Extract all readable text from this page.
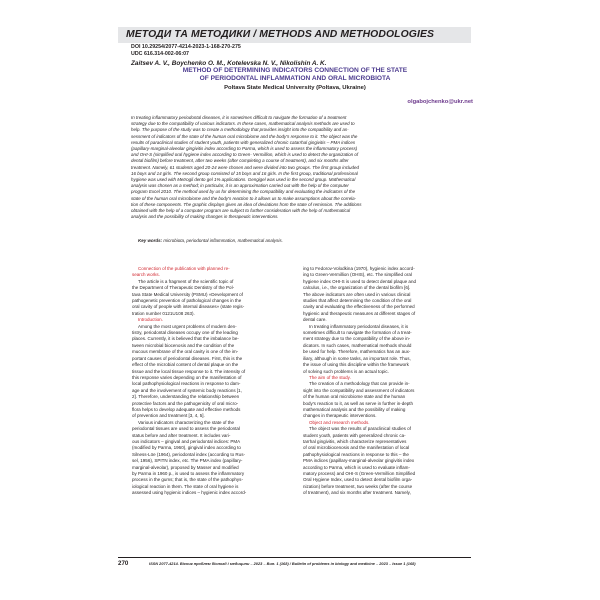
МЕТОДИ ТА МЕТОДИКИ / METHODS AND METHODOLOGIES
DOI 10.29254/2077-4214-2023-1-168-270-275
UDC 616.314-002-06:07
Zaitsev A. V., Boychenko O. M., Kotelevska N. V., Nikolishin A. K.
METHOD OF DETERMINING INDICATORS CONNECTION OF THE STATE
OF PERIODONTAL INFLAMMATION AND ORAL MICROBIOTA
Poltava State Medical University (Poltava, Ukraine)
olgabojchenko@ukr.net
In treating inflammatory periodontal diseases, it is sometimes difficult to navigate the formation of a treatment
strategy due to the compatibility of various indicators. In these cases, mathematical analysis methods are used to
help. The purpose of the study was to create a methodology that provides insight into the compatibility and as-
sessment of indicators of the state of the human oral microbiome and the body's response to it. The object was the
results of paraclinical studies of student youth, patients with generalized chronic catarrhal gingivitis – PMA indices
(papillary-marginal-alveolar gingivitis index according to Parma, which is used to assess the inflammatory process)
and OHI-S (simplified oral hygiene index according to Green- Vermillion, which is used to detect the organization of
dental biofilm) before treatment, after two weeks (after completing a course of treatment), and six months after
treatment. Namely, 61 students aged 20-24 were chosen and were divided into two groups. The first group included
16 boys and 14 girls. The second group consisted of 15 boys and 16 girls. In the first group, traditional professional
hygiene was used with Metrogil dento gel 1% applications. Gengigel was used in the second group. Mathematical
analysis was chosen as a method; in particular, it is an approximation carried out with the help of the computer
program Excel 2010. The method used by us for determining the compatibility and evaluating the indicators of the
state of the human oral microbiome and the body's reaction to it allows us to make assumptions about the correla-
tion of these components. The graphic displays gives an idea of deviations from the state of remission. The additions
obtained with the help of a computer program are subject to further consideration with the help of mathematical
analysis and the possibility of making changes in therapeutic interventions.
Key words: microbiota, periodontal inflammation, mathematical analysis.
Connection of the publication with planned re-
search works.
The article is a fragment of the scientific topic of
the Department of Therapeutic Dentistry of the Pol-
tava State Medical University (PSMU) «Development of
pathogenetic prevention of pathological changes in the
oral cavity of people with internal diseases» (state regis-
tration number 0121U108 263).
Introduction.
Among the most urgent problems of modern den-
tistry, periodontal diseases occupy one of the leading
places. Currently, it is believed that the imbalance be-
tween microbial biocenosis and the condition of the
mucous membrane of the oral cavity is one of the im-
portant causes of periodontal diseases. First, this is the
effect of the microbial content of dental plaque on the
tissue and the local tissue response to it. The intensity of
this response varies depending on the manifestation of
local pathophysiological reactions in response to dam-
age and the involvement of systemic body reactions [1,
2]. Therefore, understanding the relationship between
protective factors and the pathogenicity of oral micro-
flora helps to develop adequate and effective methods
of prevention and treatment [3, 4, 5].
Various indicators characterizing the state of the
periodontal tissues are used to assess the periodontal
status before and after treatment. It includes vari-
ous indicators – gingival and periodontal indices: PMA
(modified by Parma, 1960), gingival index according to
Silness-Löe (1964), periodontal index (according to Rus-
sel, 1956), SPITN index, etc. The PMA index (papillary-
marginal-alveolar), proposed by Masser and modified
by Parma in 1960 p., is used to assess the inflammatory
process in the gums; that is, the state of the pathophys-
iological reaction in them. The state of oral hygiene is
assessed using hygienic indices – hygienic index accord-
ing to Fedorov-Volodkina (1970), hygienic index accord-
ing to Green-Vermillion (OHIS), etc. The simplified oral
hygiene index OHI-S is used to detect dental plaque and
calculus, i.e., the organization of the dental biofilm [6].
The above indicators are often used in various clinical
studies that affect determining the condition of the oral
cavity and evaluating the effectiveness of the performed
hygienic and therapeutic measures at different stages of
dental care.
In treating inflammatory periodontal diseases, it is
sometimes difficult to navigate the formation of a treat-
ment strategy due to the compatibility of the above in-
dicators. In such cases, mathematical methods should
be used for help. Therefore, mathematics has an aux-
iliary, although in some tasks, an important role. Thus,
the issue of using this discipline within the framework
of solving such problems is an actual topic.
The aim of the study.
The creation of a methodology that can provide in-
sight into the compatibility and assessment of indicators
of the human oral microbiome state and the human
body's reaction to it, as well as serve in further in-depth
mathematical analysis and the possibility of making
changes in therapeutic interventions.
Object and research methods.
The object was the results of paraclinical studies of
student youth, patients with generalized chronic ca-
tarrhal gingivitis, which characterize representatives
of oral microbiocenosis and the manifestation of local
pathophysiological reactions in response to this – the
PMA indices (papillary-marginal-alveolar gingivitis index
according to Parma, which is used to evaluate inflam-
matory process) and OHI-S (Green-Vermillion Simplified
Oral Hygiene Index, used to detect dental biofilm orga-
nization) before treatment, two weeks (after the course
of treatment), and six months after treatment. Namely,
270	ISSN 2077-4214. Вісник проблем біології і медицини – 2023 – Вип. 1 (168) / Bulletin of problems in biology and medicine – 2023 – Issue 1 (168)
